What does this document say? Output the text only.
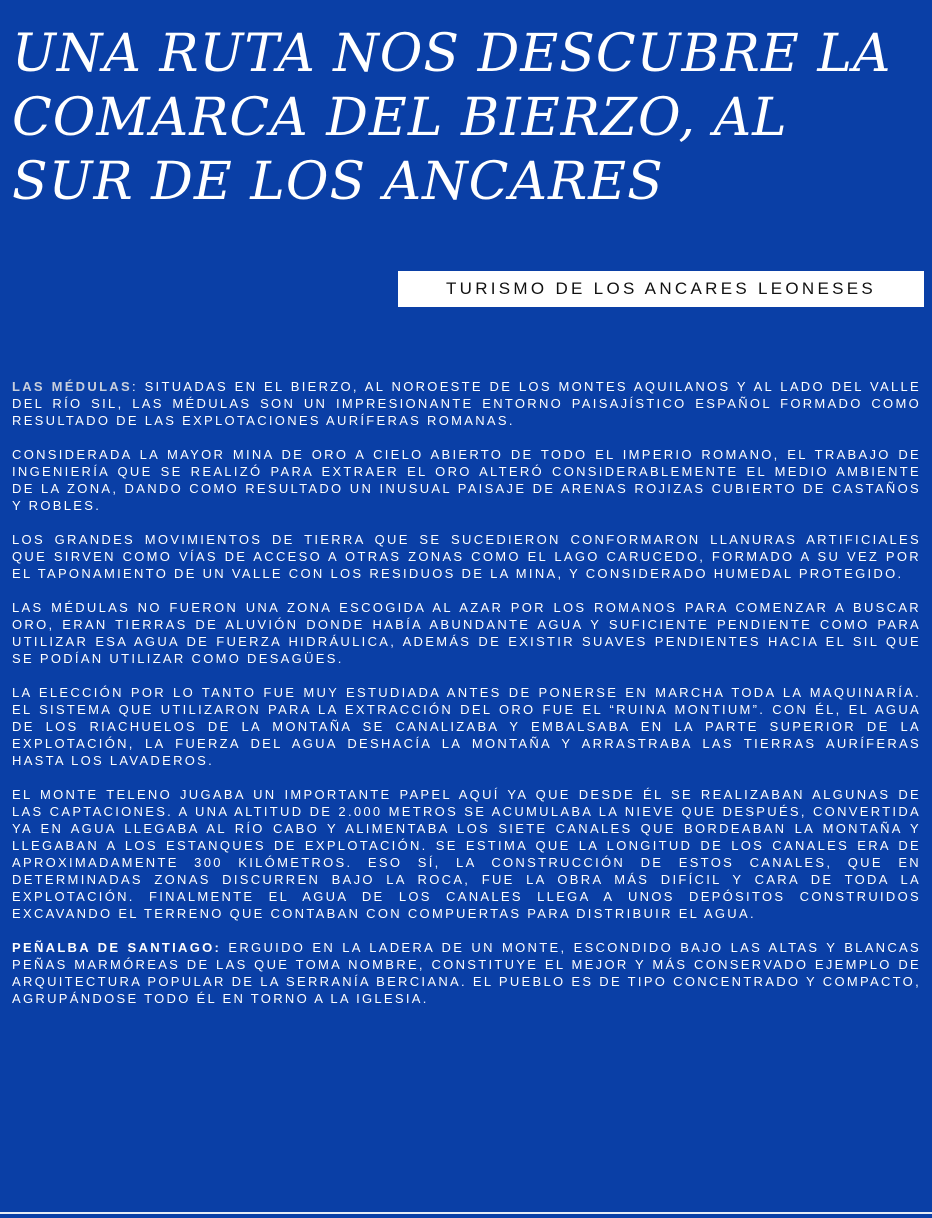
UNA RUTA NOS DESCUBRE LA COMARCA DEL BIERZO, AL SUR DE LOS ANCARES
TURISMO DE LOS ANCARES LEONESES

LAS MÉDULAS: SITUADAS EN EL BIERZO, AL NOROESTE DE LOS MONTES AQUILANOS Y AL LADO DEL VALLE DEL RÍO SIL, LAS MÉDULAS SON UN IMPRESIONANTE ENTORNO PAISAJÍSTICO ESPAÑOL FORMADO COMO RESULTADO DE LAS EXPLOTACIONES AURÍFERAS ROMANAS.

CONSIDERADA LA MAYOR MINA DE ORO A CIELO ABIERTO DE TODO EL IMPERIO ROMANO, EL TRABAJO DE INGENIERÍA QUE SE REALIZÓ PARA EXTRAER EL ORO ALTERÓ CONSIDERABLEMENTE EL MEDIO AMBIENTE DE LA ZONA, DANDO COMO RESULTADO UN INUSUAL PAISAJE DE ARENAS ROJIZAS CUBIERTO DE CASTAÑOS Y ROBLES.

LOS GRANDES MOVIMIENTOS DE TIERRA QUE SE SUCEDIERON CONFORMARON LLANURAS ARTIFICIALES QUE SIRVEN COMO VÍAS DE ACCESO A OTRAS ZONAS COMO EL LAGO CARUCEDO, FORMADO A SU VEZ POR EL TAPONAMIENTO DE UN VALLE CON LOS RESIDUOS DE LA MINA, Y CONSIDERADO HUMEDAL PROTEGIDO.

LAS MÉDULAS NO FUERON UNA ZONA ESCOGIDA AL AZAR POR LOS ROMANOS PARA COMENZAR A BUSCAR ORO, ERAN TIERRAS DE ALUVIÓN DONDE HABÍA ABUNDANTE AGUA Y SUFICIENTE PENDIENTE COMO PARA UTILIZAR ESA AGUA DE FUERZA HIDRÁULICA, ADEMÁS DE EXISTIR SUAVES PENDIENTES HACIA EL SIL QUE SE PODÍAN UTILIZAR COMO DESAGÜES.

LA ELECCIÓN POR LO TANTO FUE MUY ESTUDIADA ANTES DE PONERSE EN MARCHA TODA LA MAQUINARÍA. EL SISTEMA QUE UTILIZARON PARA LA EXTRACCIÓN DEL ORO FUE EL “RUINA MONTIUM”. CON ÉL, EL AGUA DE LOS RIACHUELOS DE LA MONTAÑA SE CANALIZABA Y EMBALSABA EN LA PARTE SUPERIOR DE LA EXPLOTACIÓN, LA FUERZA DEL AGUA DESHACÍA LA MONTAÑA Y ARRASTRABA LAS TIERRAS AURÍFERAS HASTA LOS LAVADEROS.

EL MONTE TELENO JUGABA UN IMPORTANTE PAPEL AQUÍ YA QUE DESDE ÉL SE REALIZABAN ALGUNAS DE LAS CAPTACIONES. A UNA ALTITUD DE 2.000 METROS SE ACUMULABA LA NIEVE QUE DESPUÉS, CONVERTIDA YA EN AGUA LLEGABA AL RÍO CABO Y ALIMENTABA LOS SIETE CANALES QUE BORDEABAN LA MONTAÑA Y LLEGABAN A LOS ESTANQUES DE EXPLOTACIÓN. SE ESTIMA QUE LA LONGITUD DE LOS CANALES ERA DE APROXIMADAMENTE 300 KILÓMETROS. ESO SÍ, LA CONSTRUCCIÓN DE ESTOS CANALES, QUE EN DETERMINADAS ZONAS DISCURREN BAJO LA ROCA, FUE LA OBRA MÁS DIFÍCIL Y CARA DE TODA LA EXPLOTACIÓN. FINALMENTE EL AGUA DE LOS CANALES LLEGA A UNOS DEPÓSITOS CONSTRUIDOS EXCAVANDO EL TERRENO QUE CONTABAN CON COMPUERTAS PARA DISTRIBUIR EL AGUA.

PEÑALBA DE SANTIAGO: ERGUIDO EN LA LADERA DE UN MONTE, ESCONDIDO BAJO LAS ALTAS Y BLANCAS PEÑAS MARMÓREAS DE LAS QUE TOMA NOMBRE, CONSTITUYE EL MEJOR Y MÁS CONSERVADO EJEMPLO DE ARQUITECTURA POPULAR DE LA SERRANÍA BERCIANA. EL PUEBLO ES DE TIPO CONCENTRADO Y COMPACTO, AGRUPÁNDOSE TODO ÉL EN TORNO A LA IGLESIA.
